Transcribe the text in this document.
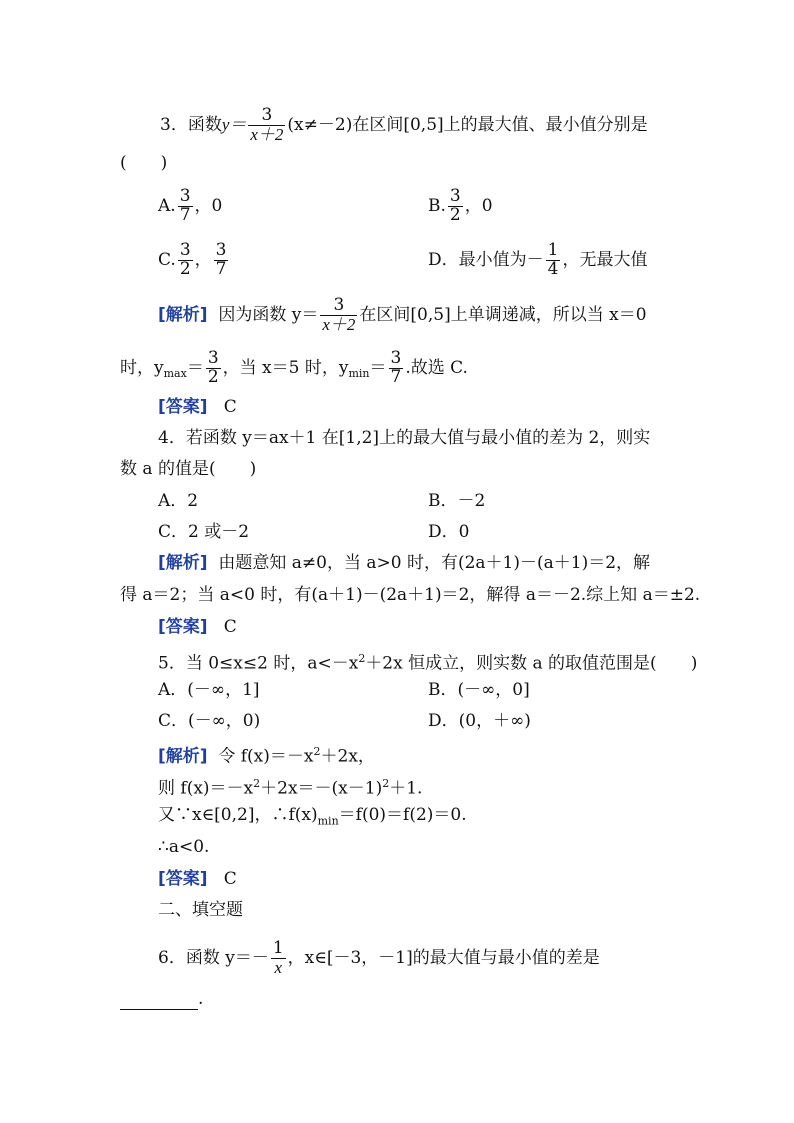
3．函数$y= \frac{3}{x+2} (x\ne-2)$在区间[0,5]上的最大值、最小值分别是
(　　)
A. $\frac{3}{7}$ ，0	B. $\frac{3}{2}$ ，0
C. $\frac{3}{2}$ ， $\frac{3}{7}$	D．最小值为－ $\frac{1}{4}$ ，无最大值
[解析] 因为函数 $y= \frac{3}{x+2}$ 在区间[0,5]上单调递减，所以当 x＝0
时，$y_{max}= \frac{3}{2}$ ，当 x＝5 时，$y_{min}= \frac{3}{7}$ .故选 C.
[答案] C
4．若函数 y＝ax＋1 在[1,2]上的最大值与最小值的差为 2，则实
数 a 的值是(　　)
A．2	B．－2
C．2 或－2	D．0
[解析] 由题意知 a≠0，当 a>0 时，有(2a＋1)－(a＋1)＝2，解
得 a＝2；当 a<0 时，有(a＋1)－(2a＋1)＝2，解得 a＝－2.综上知 a＝±2.
[答案] C
5．当 0≤x≤2 时，$a<-x^2+2x$ 恒成立，则实数 a 的取值范围是(　　)
A．(－∞，1]	B．(－∞，0]
C．(－∞，0)	D．(0，＋∞)
[解析] 令 $f(x)=-x^2+2x$，
则 $f(x)=-x^2+2x=-(x-1)^2+1$.
又∵x∈[0,2]，$\therefore f(x)_{min}=f(0)=f(2)=0$.
∴a<0.
[答案] C
二、填空题
6．函数 $y=- \frac{1}{x}$ ，x∈[－3，－1]的最大值与最小值的差是
.
